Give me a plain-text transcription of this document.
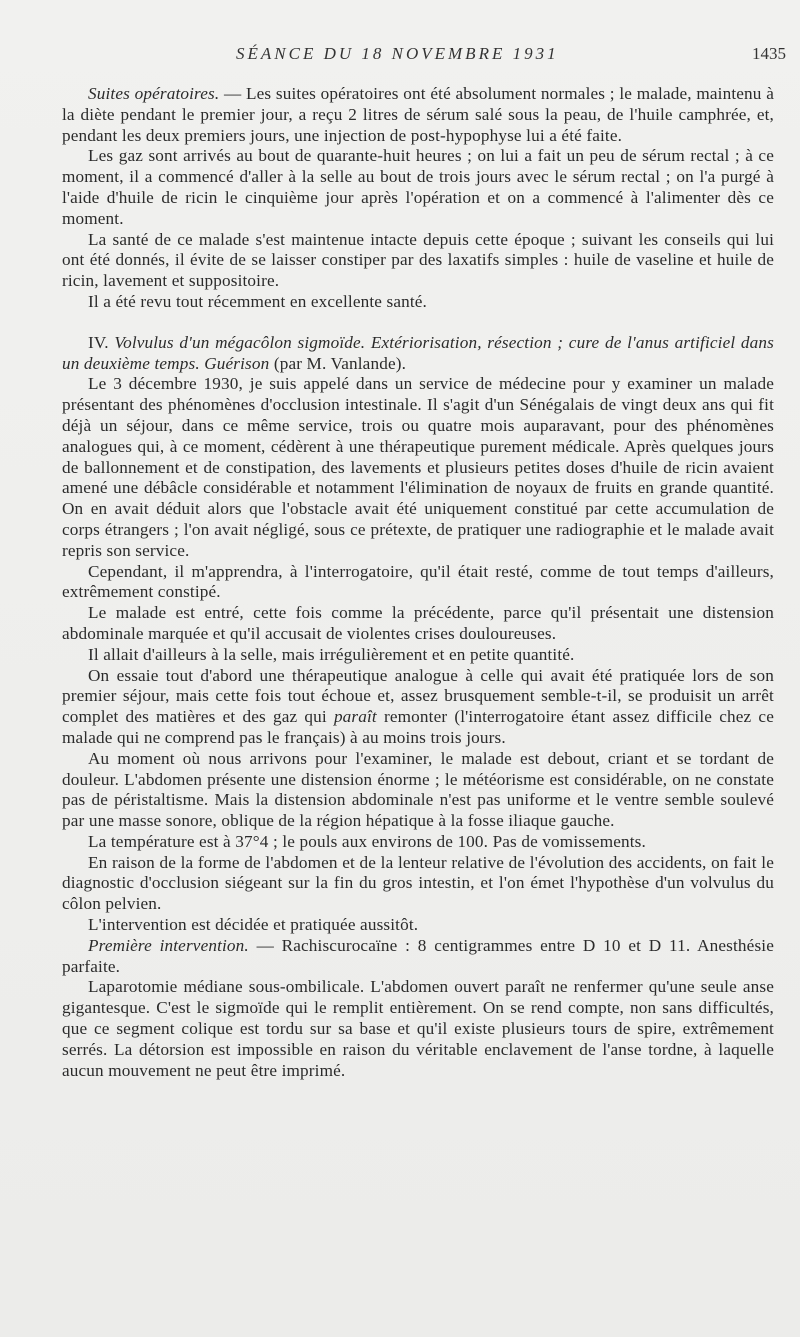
SÉANCE DU 18 NOVEMBRE 1931	1435

Suites opératoires. — Les suites opératoires ont été absolument normales ; le malade, maintenu à la diète pendant le premier jour, a reçu 2 litres de sérum salé sous la peau, de l'huile camphrée, et, pendant les deux premiers jours, une injection de post-hypophyse lui a été faite.

Les gaz sont arrivés au bout de quarante-huit heures ; on lui a fait un peu de sérum rectal ; à ce moment, il a commencé d'aller à la selle au bout de trois jours avec le sérum rectal ; on l'a purgé à l'aide d'huile de ricin le cinquième jour après l'opération et on a commencé à l'alimenter dès ce moment.

La santé de ce malade s'est maintenue intacte depuis cette époque ; suivant les conseils qui lui ont été donnés, il évite de se laisser constiper par des laxatifs simples : huile de vaseline et huile de ricin, lavement et suppositoire.

Il a été revu tout récemment en excellente santé.

IV. Volvulus d'un mégacôlon sigmoïde. Extériorisation, résection ; cure de l'anus artificiel dans un deuxième temps. Guérison (par M. Vanlande).

Le 3 décembre 1930, je suis appelé dans un service de médecine pour y examiner un malade présentant des phénomènes d'occlusion intestinale. Il s'agit d'un Sénégalais de vingt deux ans qui fit déjà un séjour, dans ce même service, trois ou quatre mois auparavant, pour des phénomènes analogues qui, à ce moment, cédèrent à une thérapeutique purement médicale. Après quelques jours de ballonnement et de constipation, des lavements et plusieurs petites doses d'huile de ricin avaient amené une débâcle considérable et notamment l'élimination de noyaux de fruits en grande quantité. On en avait déduit alors que l'obstacle avait été uniquement constitué par cette accumulation de corps étrangers ; l'on avait négligé, sous ce prétexte, de pratiquer une radiographie et le malade avait repris son service.

Cependant, il m'apprendra, à l'interrogatoire, qu'il était resté, comme de tout temps d'ailleurs, extrêmement constipé.

Le malade est entré, cette fois comme la précédente, parce qu'il présentait une distension abdominale marquée et qu'il accusait de violentes crises douloureuses.

Il allait d'ailleurs à la selle, mais irrégulièrement et en petite quantité.

On essaie tout d'abord une thérapeutique analogue à celle qui avait été pratiquée lors de son premier séjour, mais cette fois tout échoue et, assez brusquement semble-t-il, se produisit un arrêt complet des matières et des gaz qui paraît remonter (l'interrogatoire étant assez difficile chez ce malade qui ne comprend pas le français) à au moins trois jours.

Au moment où nous arrivons pour l'examiner, le malade est debout, criant et se tordant de douleur. L'abdomen présente une distension énorme ; le météorisme est considérable, on ne constate pas de péristaltisme. Mais la distension abdominale n'est pas uniforme et le ventre semble soulevé par une masse sonore, oblique de la région hépatique à la fosse iliaque gauche.

La température est à 37°4 ; le pouls aux environs de 100. Pas de vomissements.

En raison de la forme de l'abdomen et de la lenteur relative de l'évolution des accidents, on fait le diagnostic d'occlusion siégeant sur la fin du gros intestin, et l'on émet l'hypothèse d'un volvulus du côlon pelvien.

L'intervention est décidée et pratiquée aussitôt.

Première intervention. — Rachiscurocaïne : 8 centigrammes entre D 10 et D 11. Anesthésie parfaite.

Laparotomie médiane sous-ombilicale. L'abdomen ouvert paraît ne renfermer qu'une seule anse gigantesque. C'est le sigmoïde qui le remplit entièrement. On se rend compte, non sans difficultés, que ce segment colique est tordu sur sa base et qu'il existe plusieurs tours de spire, extrêmement serrés. La détorsion est impossible en raison du véritable enclavement de l'anse tordne, à laquelle aucun mouvement ne peut être imprimé.
